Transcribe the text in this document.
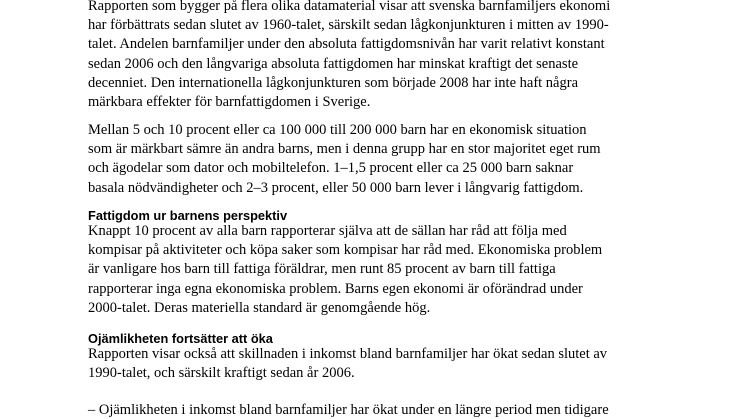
Rapporten som bygger på flera olika datamaterial visar att svenska barnfamiljers ekonomi
har förbättrats sedan slutet av 1960-talet, särskilt sedan lågkonjunkturen i mitten av 1990-
talet. Andelen barnfamiljer under den absoluta fattigdomsnivån har varit relativt konstant
sedan 2006 och den långvariga absoluta fattigdomen har minskat kraftigt det senaste
decenniet. Den internationella lågkonjunkturen som började 2008 har inte haft några
märkbara effekter för barnfattigdomen i Sverige.

Mellan 5 och 10 procent eller ca 100 000 till 200 000 barn har en ekonomisk situation
som är märkbart sämre än andra barns, men i denna grupp har en stor majoritet eget rum
och ägodelar som dator och mobiltelefon. 1–1,5 procent eller ca 25 000 barn saknar
basala nödvändigheter och 2–3 procent, eller 50 000 barn lever i långvarig fattigdom.

Fattigdom ur barnens perspektiv

Knappt 10 procent av alla barn rapporterar själva att de sällan har råd att följa med
kompisar på aktiviteter och köpa saker som kompisar har råd med. Ekonomiska problem
är vanligare hos barn till fattiga föräldrar, men runt 85 procent av barn till fattiga
rapporterar inga egna ekonomiska problem. Barns egen ekonomi är oförändrad under
2000-talet. Deras materiella standard är genomgående hög.

Ojämlikheten fortsätter att öka

Rapporten visar också att skillnaden i inkomst bland barnfamiljer har ökat sedan slutet av
1990-talet, och särskilt kraftigt sedan år 2006.

– Ojämlikheten i inkomst bland barnfamiljer har ökat under en längre period men tidigare
